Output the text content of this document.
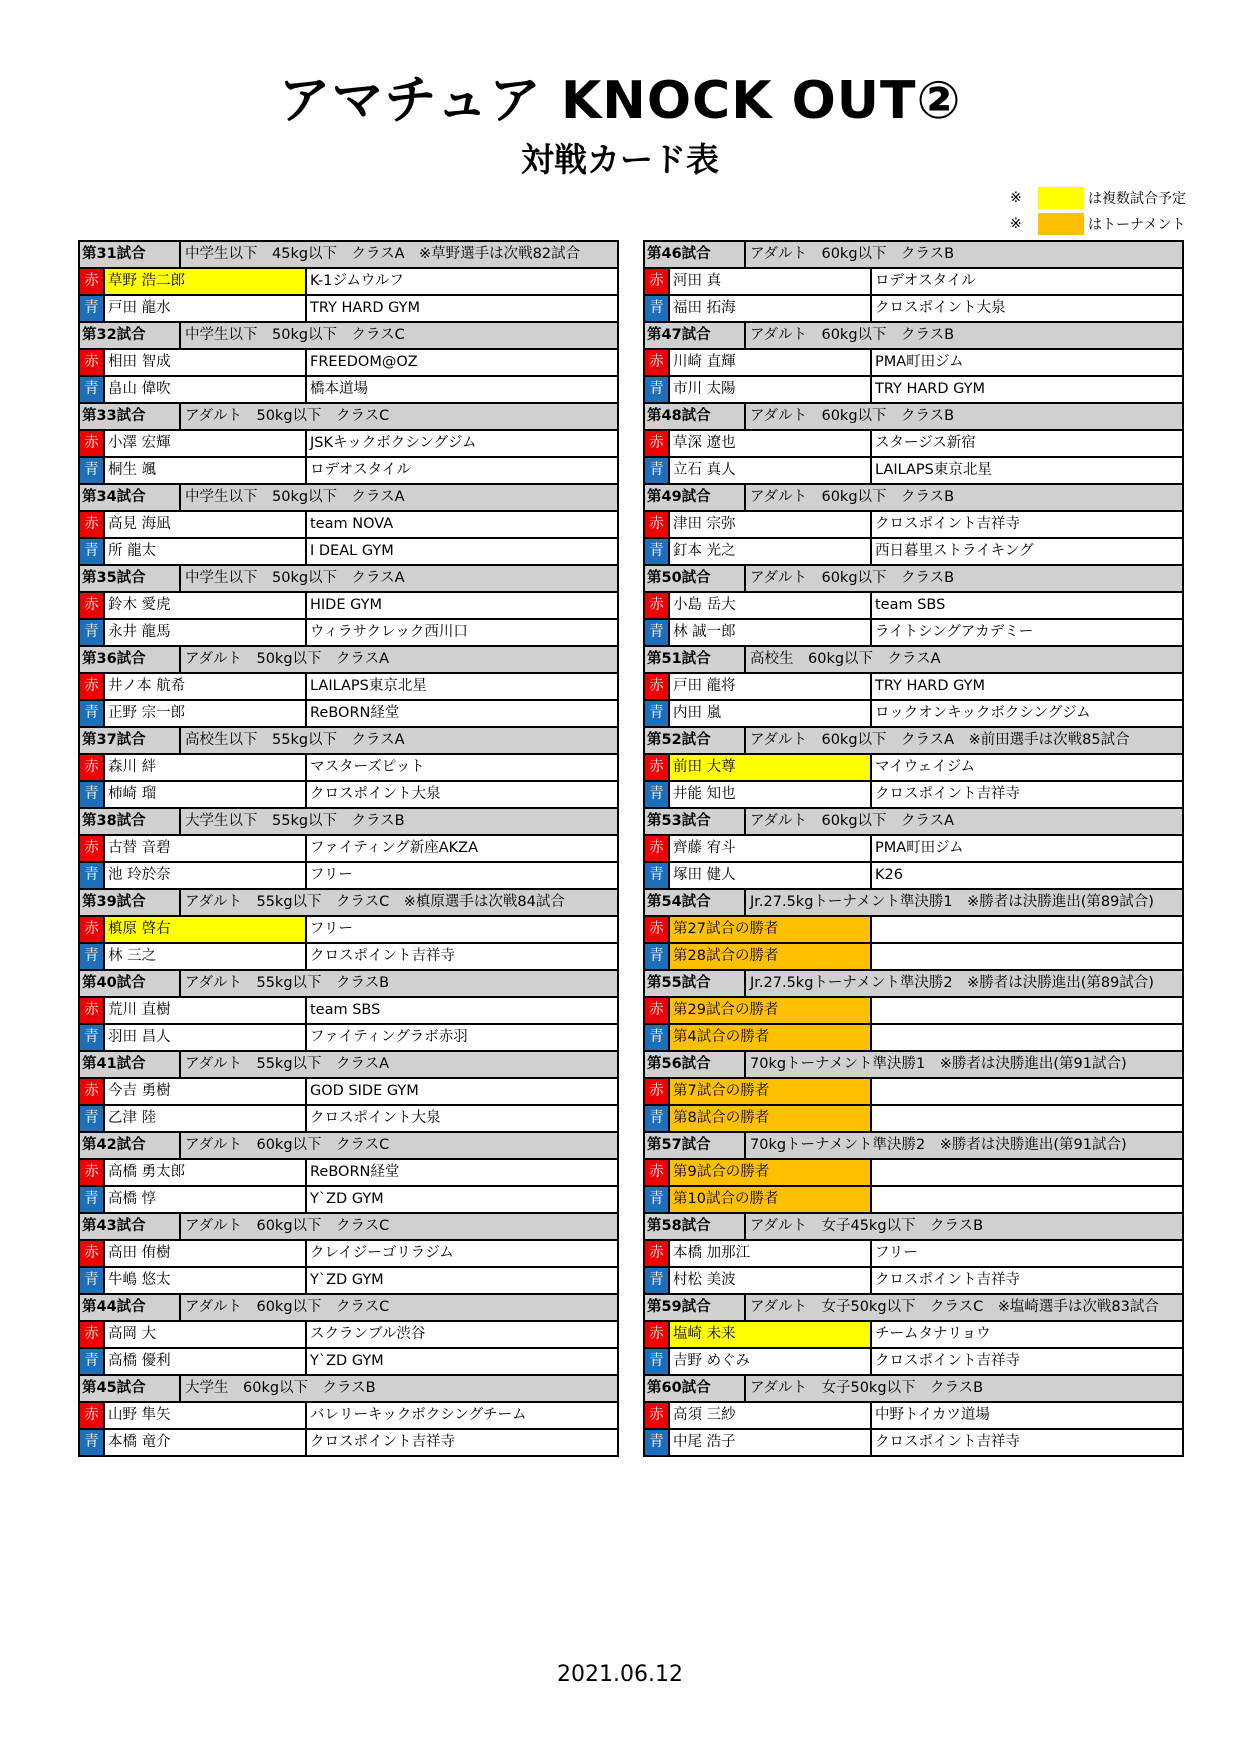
アマチュア KNOCK OUT②
対戦カード表
※	は複数試合予定
※	はトーナメント
第31試合	中学生以下　45kg以下　クラスA　※草野選手は次戦82試合
赤 草野 浩二郎	K-1ジムウルフ
青 戸田 龍水	TRY HARD GYM
第32試合	中学生以下　50kg以下　クラスC
赤 相田 智成	FREEDOM@OZ
青 畠山 偉吹	橋本道場
第33試合	アダルト　50kg以下　クラスC
赤 小澤 宏輝	JSKキックボクシングジム
青 桐生 颯	ロデオスタイル
第34試合	中学生以下　50kg以下　クラスA
赤 高見 海凪	team NOVA
青 所 龍太	I DEAL GYM
第35試合	中学生以下　50kg以下　クラスA
赤 鈴木 愛虎	HIDE GYM
青 永井 龍馬	ウィラサクレック西川口
第36試合	アダルト　50kg以下　クラスA
赤 井ノ本 航希	LAILAPS東京北星
青 正野 宗一郎	ReBORN経堂
第37試合	高校生以下　55kg以下　クラスA
赤 森川 絆	マスターズピット
青 柿崎 瑠	クロスポイント大泉
第38試合	大学生以下　55kg以下　クラスB
赤 古替 音碧	ファイティング新座AKZA
青 池 玲於奈	フリー
第39試合	アダルト　55kg以下　クラスC　※槙原選手は次戦84試合
赤 槙原 啓右	フリー
青 林 三之	クロスポイント吉祥寺
第40試合	アダルト　55kg以下　クラスB
赤 荒川 直樹	team SBS
青 羽田 昌人	ファイティングラボ赤羽
第41試合	アダルト　55kg以下　クラスA
赤 今吉 勇樹	GOD SIDE GYM
青 乙津 陸	クロスポイント大泉
第42試合	アダルト　60kg以下　クラスC
赤 高橋 勇太郎	ReBORN経堂
青 高橋 惇	Y`ZD GYM
第43試合	アダルト　60kg以下　クラスC
赤 高田 侑樹	クレイジーゴリラジム
青 牛嶋 悠太	Y`ZD GYM
第44試合	アダルト　60kg以下　クラスC
赤 高岡 大	スクランブル渋谷
青 高橋 優利	Y`ZD GYM
第45試合	大学生　60kg以下　クラスB
赤 山野 隼矢	バレリーキックボクシングチーム
青 本橋 竜介	クロスポイント吉祥寺
第46試合	アダルト　60kg以下　クラスB
赤 河田 真	ロデオスタイル
青 福田 拓海	クロスポイント大泉
第47試合	アダルト　60kg以下　クラスB
赤 川崎 直輝	PMA町田ジム
青 市川 太陽	TRY HARD GYM
第48試合	アダルト　60kg以下　クラスB
赤 草深 遼也	スタージス新宿
青 立石 真人	LAILAPS東京北星
第49試合	アダルト　60kg以下　クラスB
赤 津田 宗弥	クロスポイント吉祥寺
青 釘本 光之	西日暮里ストライキング
第50試合	アダルト　60kg以下　クラスB
赤 小島 岳大	team SBS
青 林 誠一郎	ライトシングアカデミー
第51試合	高校生　60kg以下　クラスA
赤 戸田 龍将	TRY HARD GYM
青 内田 嵐	ロックオンキックボクシングジム
第52試合	アダルト　60kg以下　クラスA　※前田選手は次戦85試合
赤 前田 大尊	マイウェイジム
青 井能 知也	クロスポイント吉祥寺
第53試合	アダルト　60kg以下　クラスA
赤 齊藤 宥斗	PMA町田ジム
青 塚田 健人	K26
第54試合	Jr.27.5kgトーナメント準決勝1　※勝者は決勝進出(第89試合)
赤 第27試合の勝者
青 第28試合の勝者
第55試合	Jr.27.5kgトーナメント準決勝2　※勝者は決勝進出(第89試合)
赤 第29試合の勝者
青 第4試合の勝者
第56試合	70kgトーナメント準決勝1　※勝者は決勝進出(第91試合)
赤 第7試合の勝者
青 第8試合の勝者
第57試合	70kgトーナメント準決勝2　※勝者は決勝進出(第91試合)
赤 第9試合の勝者
青 第10試合の勝者
第58試合	アダルト　女子45kg以下　クラスB
赤 本橋 加那江	フリー
青 村松 美波	クロスポイント吉祥寺
第59試合	アダルト　女子50kg以下　クラスC　※塩崎選手は次戦83試合
赤 塩崎 未来	チームタナリョウ
青 吉野 めぐみ	クロスポイント吉祥寺
第60試合	アダルト　女子50kg以下　クラスB
赤 高須 三紗	中野トイカツ道場
青 中尾 浩子	クロスポイント吉祥寺
2021.06.12
